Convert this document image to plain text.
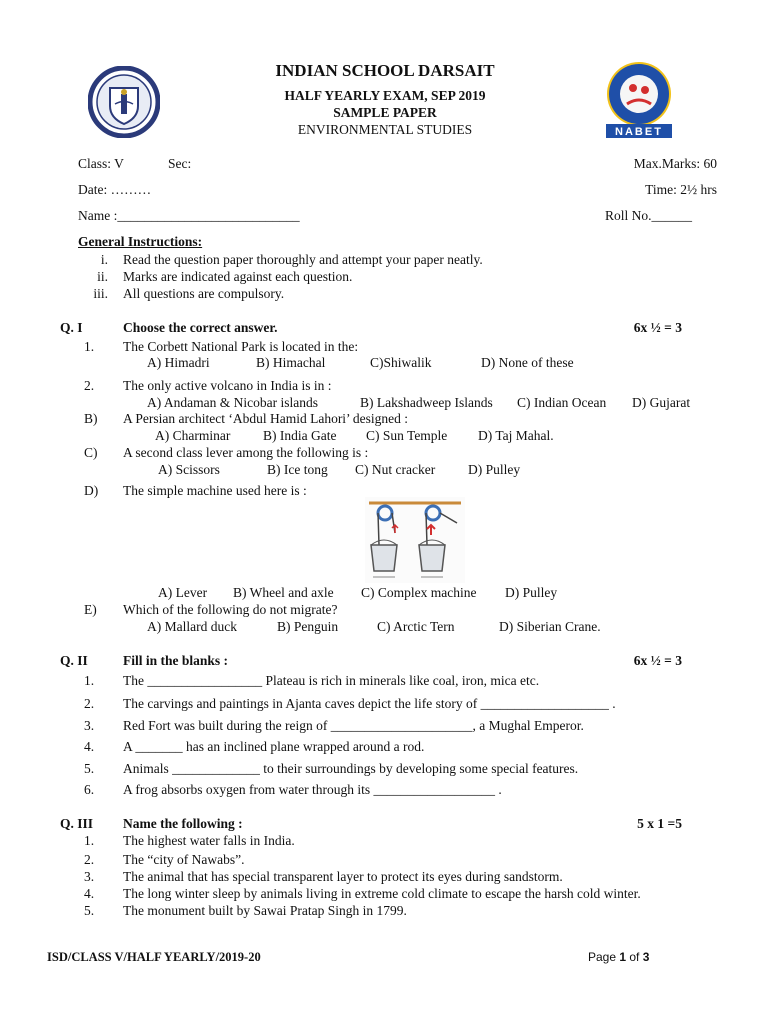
NABET
INDIAN SCHOOL DARSAIT
HALF YEARLY EXAM, SEP 2019
SAMPLE PAPER
ENVIRONMENTAL STUDIES
Class: V	Sec:	Max.Marks: 60
Date: ………	Time: 2½ hrs
Name :___________________________	Roll No.______
General Instructions:
i. Read the question paper thoroughly and attempt your paper neatly.
ii. Marks are indicated against each question.
iii. All questions are compulsory.
Q. I	Choose the correct answer.	6x ½ = 3
1. The Corbett National Park is located in the:
A) Himadri	B) Himachal	C)Shiwalik	D) None of these
2. The only active volcano in India is in :
A) Andaman & Nicobar islands	B) Lakshadweep Islands C) Indian Ocean D) Gujarat
B) A Persian architect ‘Abdul Hamid Lahori’ designed :
A) Charminar B) India Gate C) Sun Temple D) Taj Mahal.
C) A second class lever among the following is :
A) Scissors	B) Ice tong C) Nut cracker D) Pulley
D) The simple machine used here is :
A) Lever B) Wheel and axle C) Complex machine D) Pulley
E) Which of the following do not migrate?
A) Mallard duck	B) Penguin	C) Arctic Tern	D) Siberian Crane.
Q. II	Fill in the blanks :	6x ½ = 3
1. The _________________ Plateau is rich in minerals like coal, iron, mica etc.
2. The carvings and paintings in Ajanta caves depict the life story of ___________________ .
3. Red Fort was built during the reign of _____________________, a Mughal Emperor.
4. A _______ has an inclined plane wrapped around a rod.
5. Animals _____________ to their surroundings by developing some special features.
6. A frog absorbs oxygen from water through its __________________ .
Q. III Name the following :	5 x 1 =5
1. The highest water falls in India.
2. The “city of Nawabs”.
3. The animal that has special transparent layer to protect its eyes during sandstorm.
4. The long winter sleep by animals living in extreme cold climate to escape the harsh cold winter.
5. The monument built by Sawai Pratap Singh in 1799.
ISD/CLASS V/HALF YEARLY/2019-20	Page 1 of 3
